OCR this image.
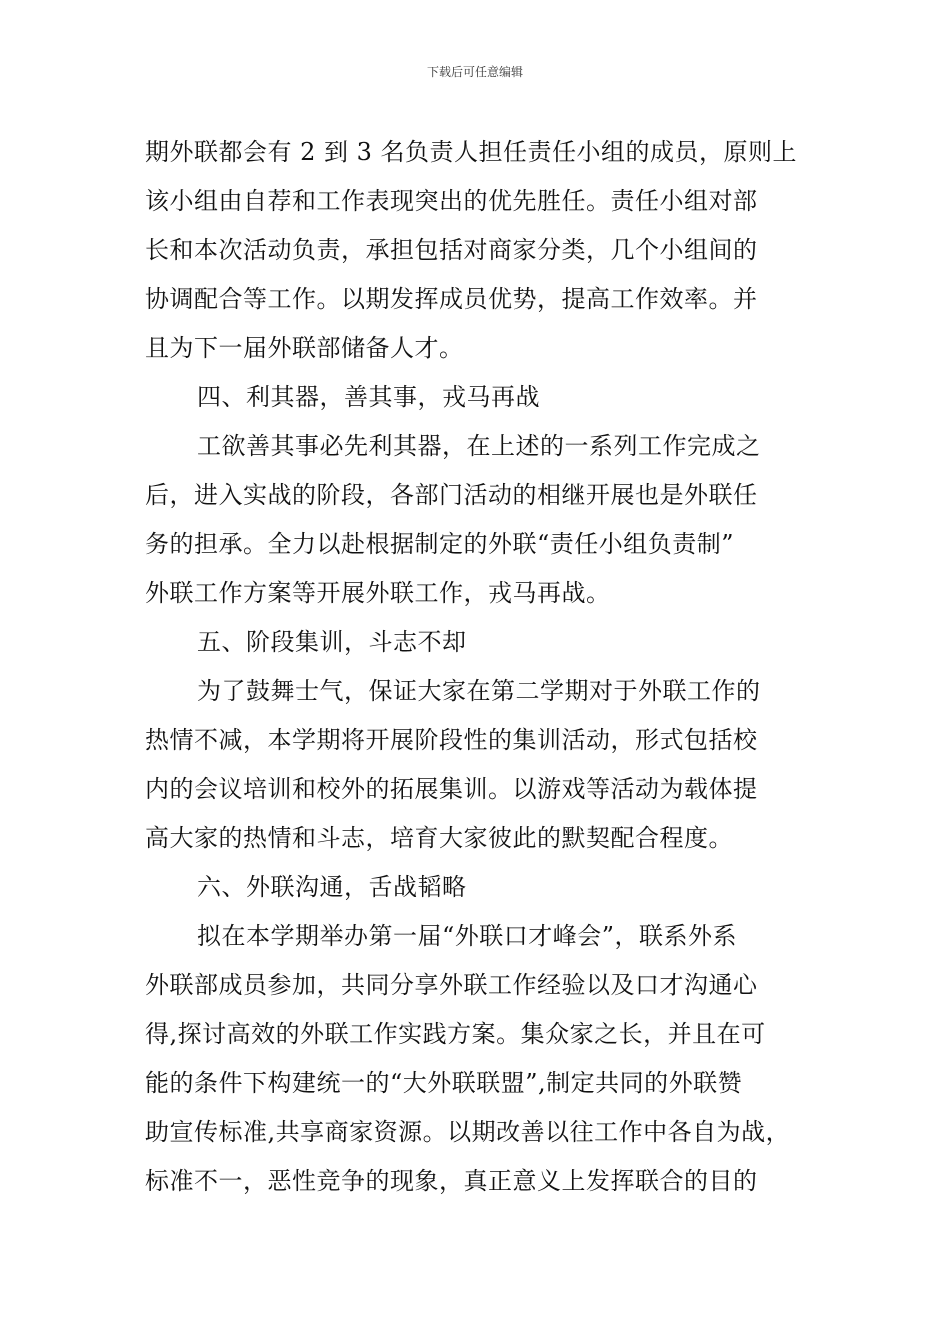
下载后可任意编辑
期外联都会有 2 到 3 名负责人担任责任小组的成员，原则上
该小组由自荐和工作表现突出的优先胜任。责任小组对部
长和本次活动负责，承担包括对商家分类，几个小组间的
协调配合等工作。以期发挥成员优势，提高工作效率。并
且为下一届外联部储备人才。
四、利其器，善其事，戎马再战
工欲善其事必先利其器，在上述的一系列工作完成之
后，进入实战的阶段，各部门活动的相继开展也是外联任
务的担承。全力以赴根据制定的外联“责任小组负责制”
外联工作方案等开展外联工作，戎马再战。
五、阶段集训，斗志不却
为了鼓舞士气，保证大家在第二学期对于外联工作的
热情不减，本学期将开展阶段性的集训活动，形式包括校
内的会议培训和校外的拓展集训。以游戏等活动为载体提
高大家的热情和斗志，培育大家彼此的默契配合程度。
六、外联沟通，舌战韬略
拟在本学期举办第一届“外联口才峰会”，联系外系
外联部成员参加，共同分享外联工作经验以及口才沟通心
得,探讨高效的外联工作实践方案。集众家之长，并且在可
能的条件下构建统一的“大外联联盟”,制定共同的外联赞
助宣传标准,共享商家资源。以期改善以往工作中各自为战，
标准不一，恶性竞争的现象，真正意义上发挥联合的目的
